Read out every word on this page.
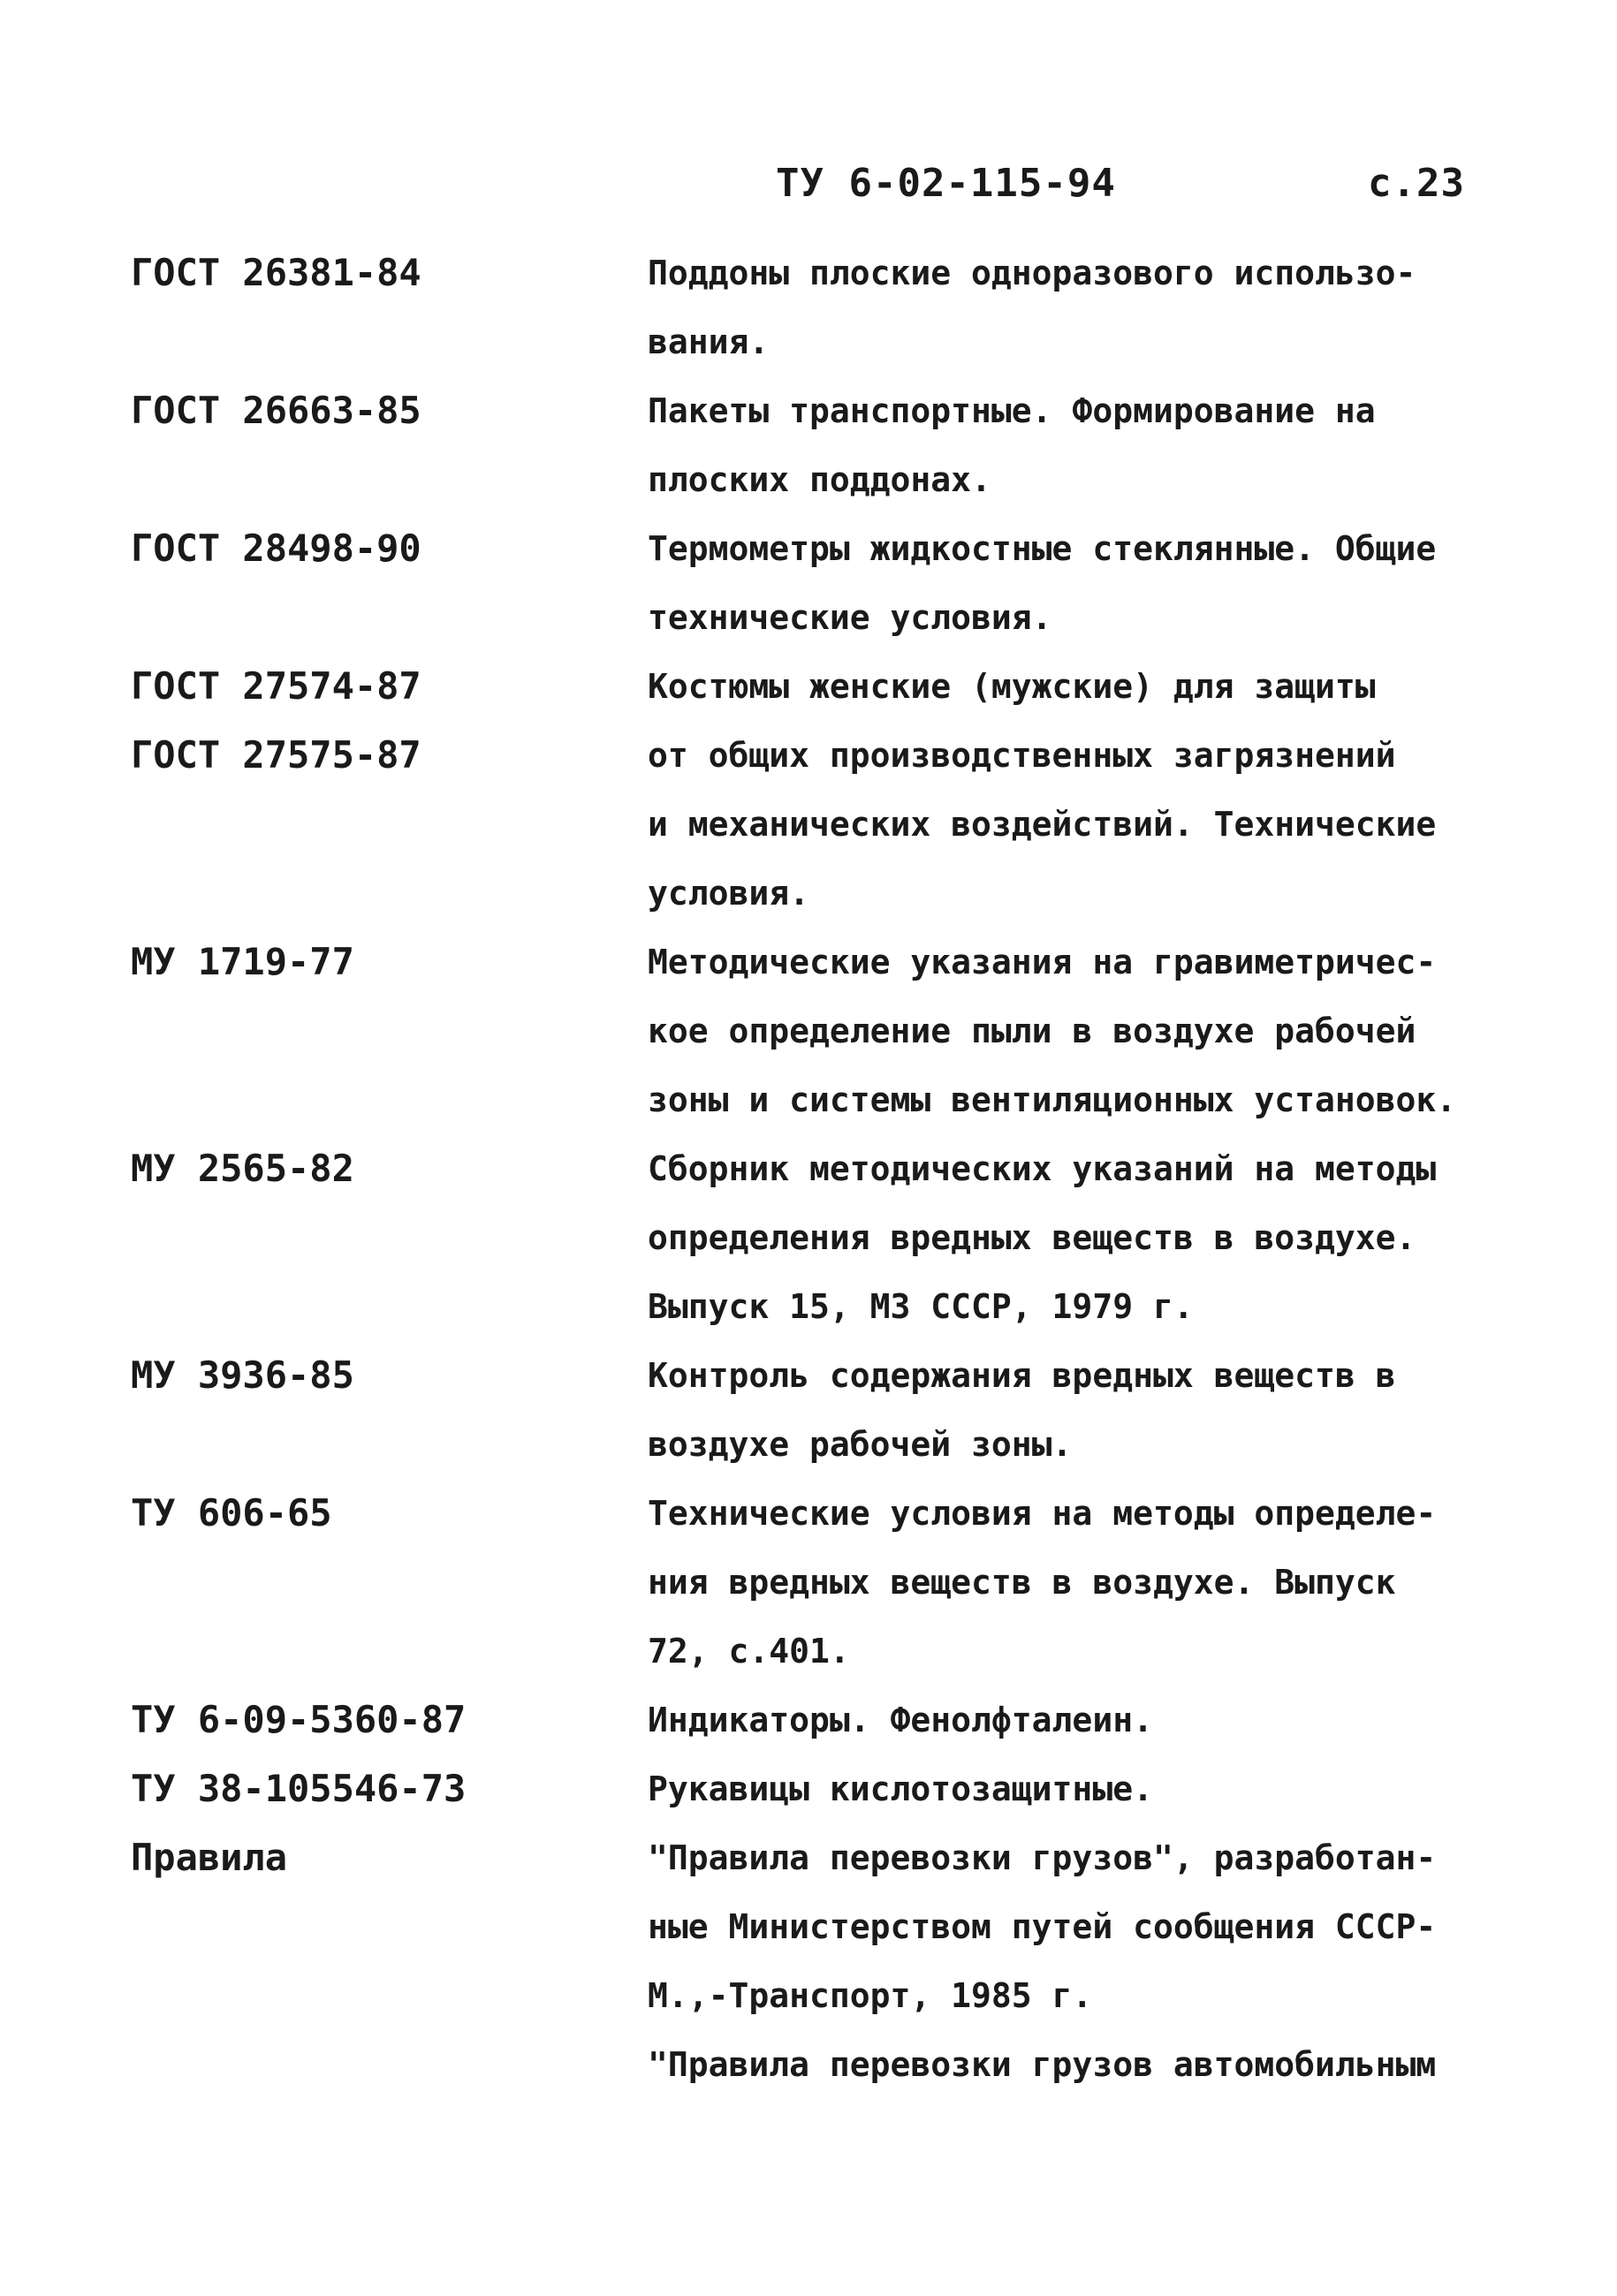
ТУ 6-02-115-94	с.23
ГОСТ 26381-84	Поддоны плоские одноразового использо-
вания.
ГОСТ 26663-85	Пакеты транспортные. Формирование на
плоских поддонах.
ГОСТ 28498-90	Термометры жидкостные стеклянные. Общие
технические условия.
ГОСТ 27574-87	Костюмы женские (мужские) для защиты
ГОСТ 27575-87	от общих производственных загрязнений
и механических воздействий. Технические
условия.
МУ 1719-77	Методические указания на гравиметричес-
кое определение пыли в воздухе рабочей
зоны и системы вентиляционных установок.
МУ 2565-82	Сборник методических указаний на методы
определения вредных веществ в воздухе.
Выпуск 15, МЗ СССР, 1979 г.
МУ 3936-85	Контроль содержания вредных веществ в
воздухе рабочей зоны.
ТУ 606-65	Технические условия на методы определе-
ния вредных веществ в воздухе. Выпуск
72, с.401.
ТУ 6-09-5360-87	Индикаторы. Фенолфталеин.
ТУ 38-105546-73	Рукавицы кислотозащитные.
Правила	"Правила перевозки грузов", разработан-
ные Министерством путей сообщения СССР-
М.,-Транспорт, 1985 г.
"Правила перевозки грузов автомобильным
